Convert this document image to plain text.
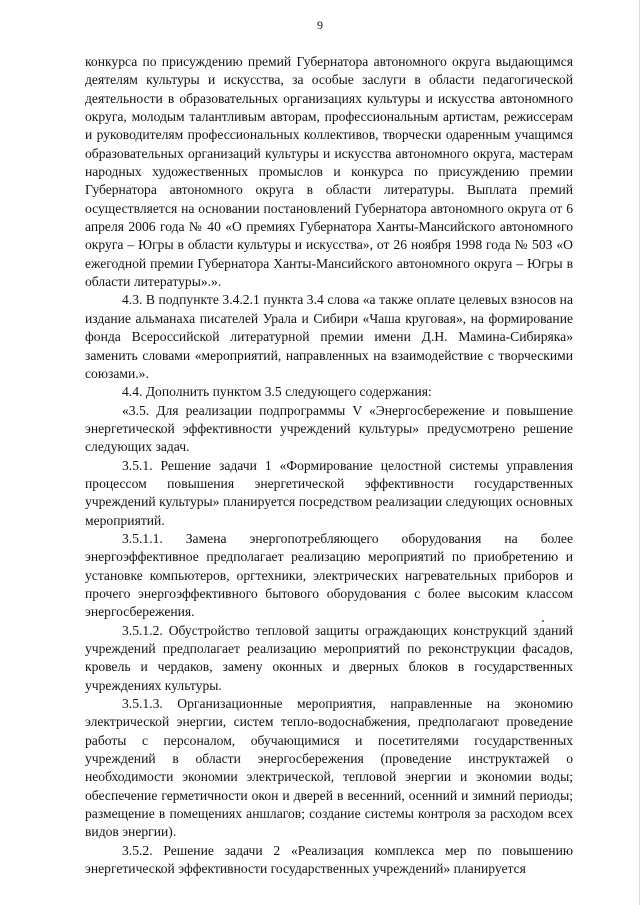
9

конкурса по присуждению премий Губернатора автономного округа выдающимся деятелям культуры и искусства, за особые заслуги в области педагогической деятельности в образовательных организациях культуры и искусства автономного округа, молодым талантливым авторам, профессиональным артистам, режиссерам и руководителям профессиональных коллективов, творчески одаренным учащимся образовательных организаций культуры и искусства автономного округа, мастерам народных художественных промыслов и конкурса по присуждению премии Губернатора автономного округа в области литературы. Выплата премий осуществляется на основании постановлений Губернатора автономного округа от 6 апреля 2006 года № 40 «О премиях Губернатора Ханты-Мансийского автономного округа – Югры в области культуры и искусства», от 26 ноября 1998 года № 503 «О ежегодной премии Губернатора Ханты-Мансийского автономного округа – Югры в области литературы».».

4.3. В подпункте 3.4.2.1 пункта 3.4 слова «а также оплате целевых взносов на издание альманаха писателей Урала и Сибири «Чаша круговая», на формирование фонда Всероссийской литературной премии имени Д.Н. Мамина-Сибиряка» заменить словами «мероприятий, направленных на взаимодействие с творческими союзами.».

4.4. Дополнить пунктом 3.5 следующего содержания:

«3.5. Для реализации подпрограммы V «Энергосбережение и повышение энергетической эффективности учреждений культуры» предусмотрено решение следующих задач.

3.5.1. Решение задачи 1 «Формирование целостной системы управления процессом повышения энергетической эффективности государственных учреждений культуры» планируется посредством реализации следующих основных мероприятий.

3.5.1.1. Замена энергопотребляющего оборудования на более энергоэффективное предполагает реализацию мероприятий по приобретению и установке компьютеров, оргтехники, электрических нагревательных приборов и прочего энергоэффективного бытового оборудования с более высоким классом энергосбережения.

3.5.1.2. Обустройство тепловой защиты ограждающих конструкций зданий учреждений предполагает реализацию мероприятий по реконструкции фасадов, кровель и чердаков, замену оконных и дверных блоков в государственных учреждениях культуры.

3.5.1.3. Организационные мероприятия, направленные на экономию электрической энергии, систем тепло-водоснабжения, предполагают проведение работы с персоналом, обучающимися и посетителями государственных учреждений в области энергосбережения (проведение инструктажей о необходимости экономии электрической, тепловой энергии и экономии воды; обеспечение герметичности окон и дверей в весенний, осенний и зимний периоды; размещение в помещениях аншлагов; создание системы контроля за расходом всех видов энергии).

3.5.2. Решение задачи 2 «Реализация комплекса мер по повышению энергетической эффективности государственных учреждений» планируется
